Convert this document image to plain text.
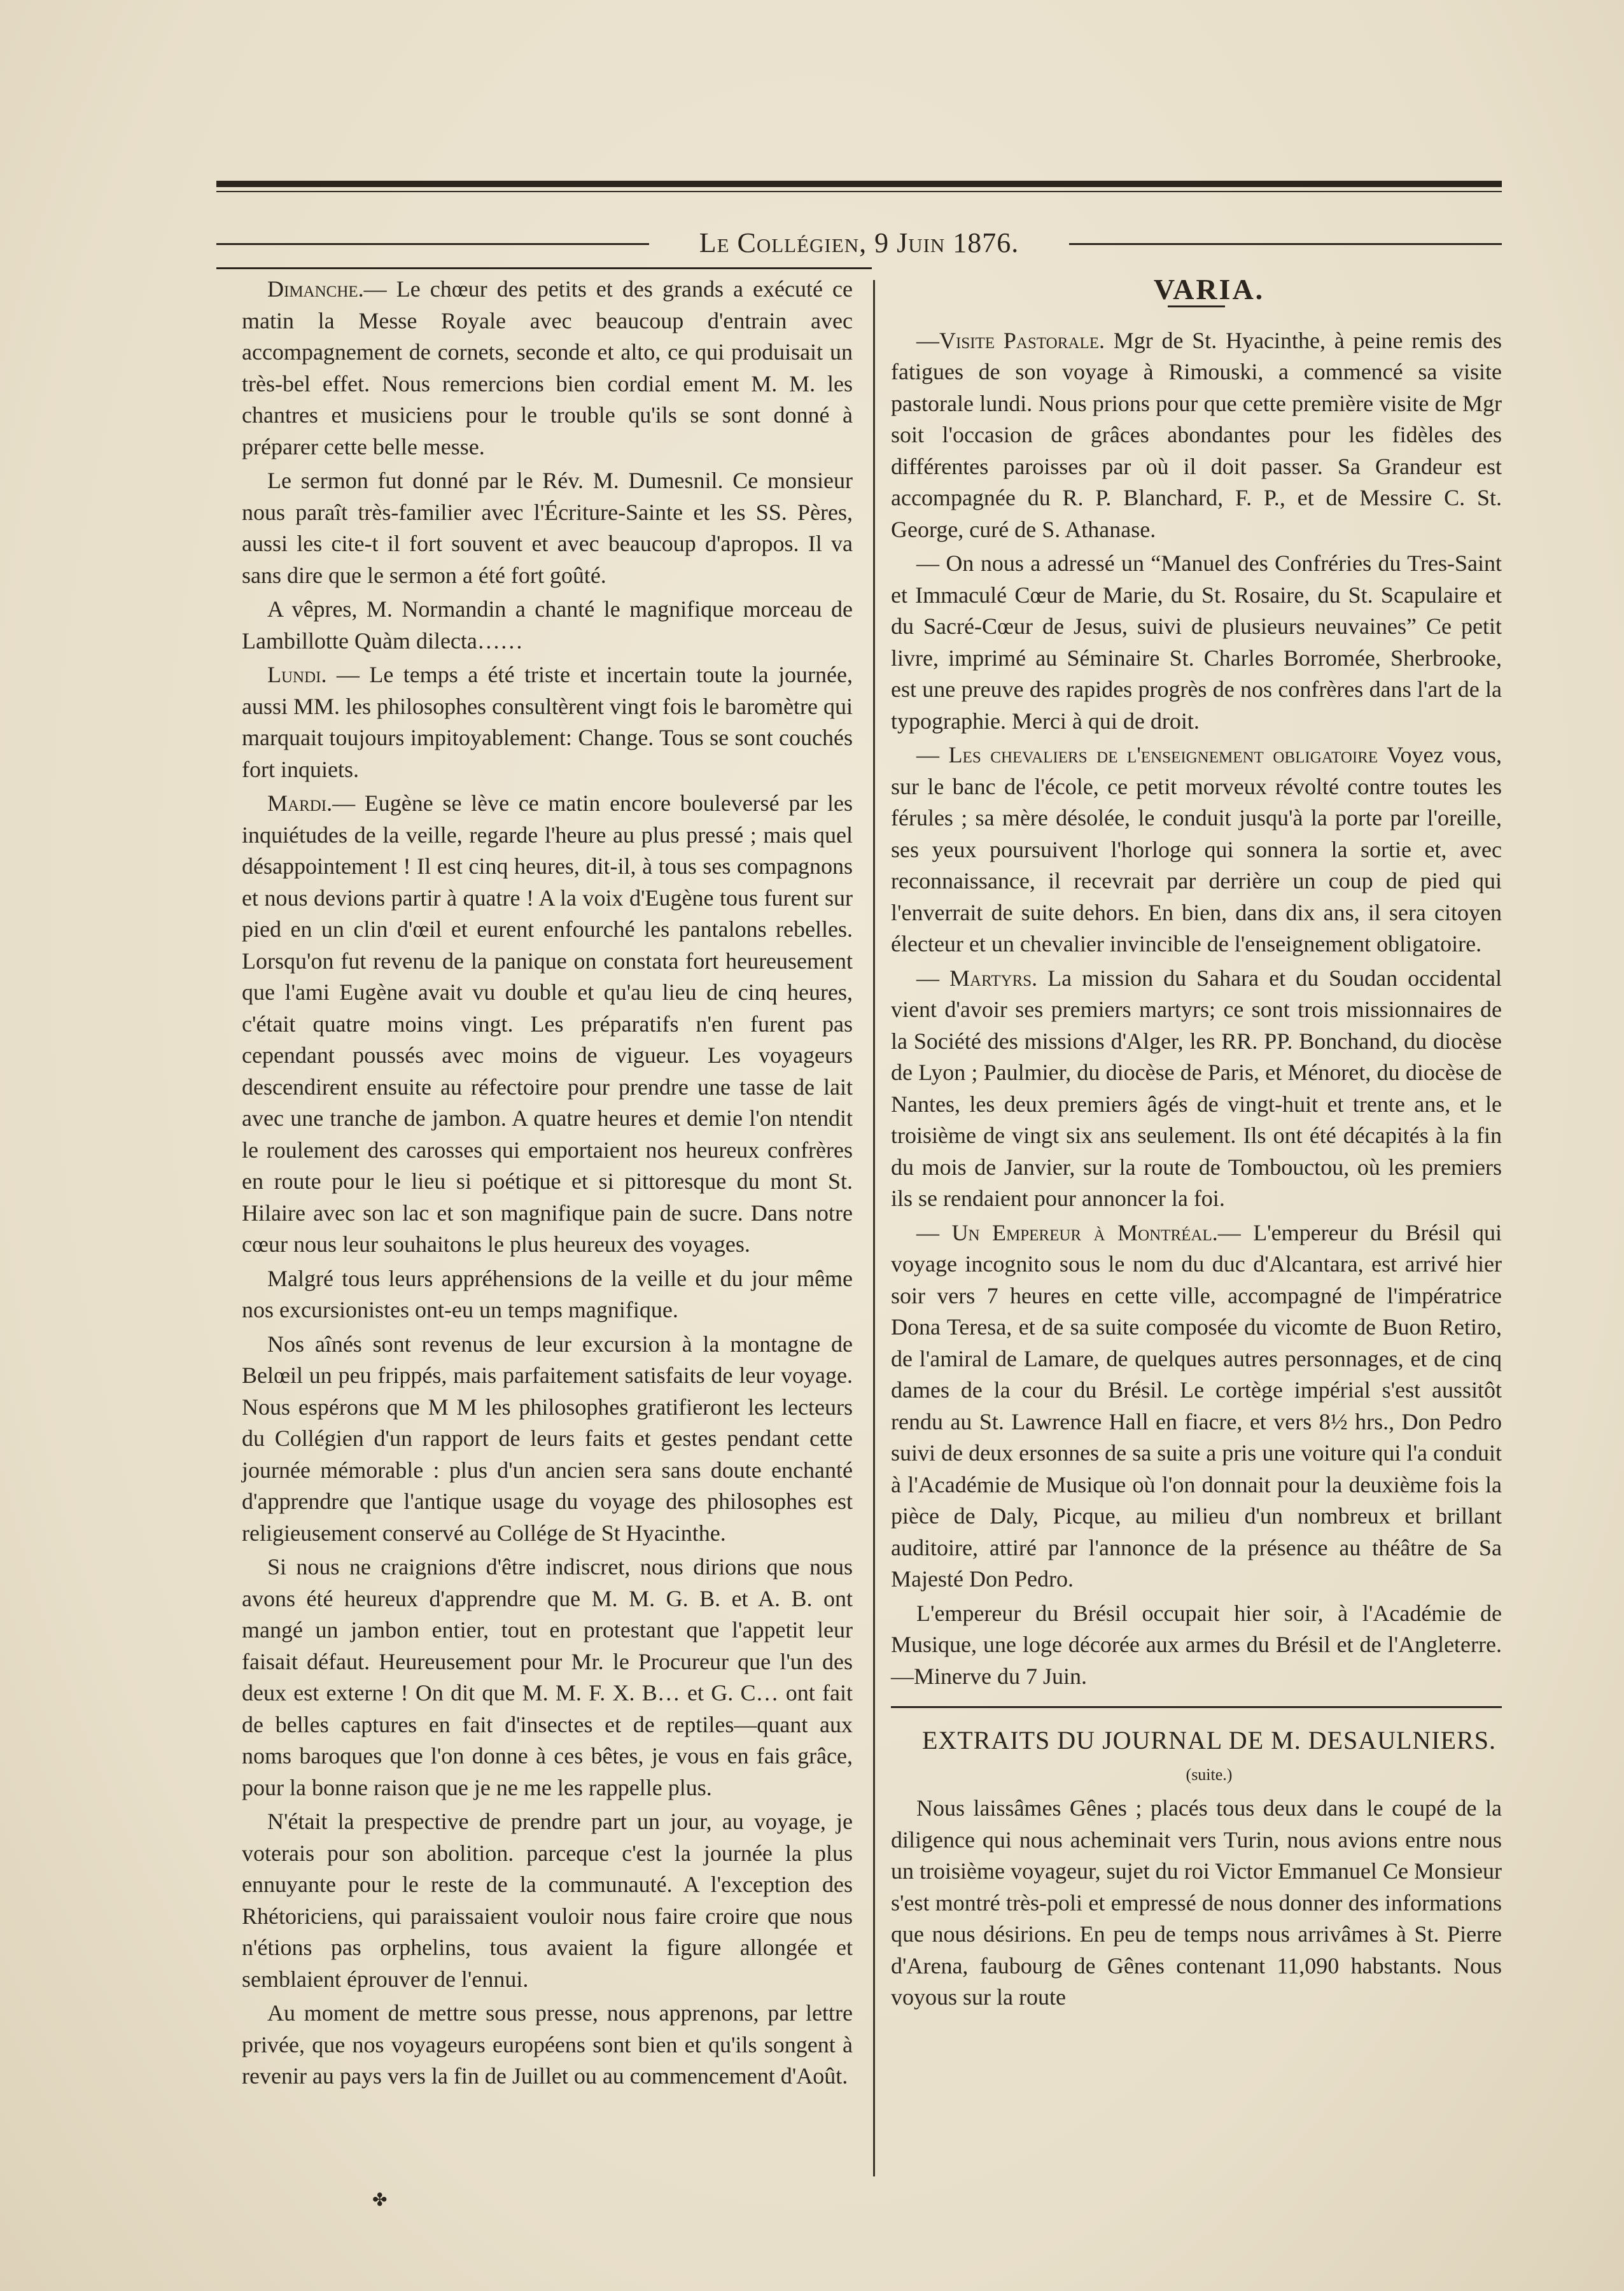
Le Collégien, 9 Juin 1876.

Dimanche.— Le chœur des petits et des grands a exécuté ce matin la Messe Royale avec beaucoup d'entrain avec accompagnement de cornets, seconde et alto, ce qui produisait un très-bel effet. Nous remercions bien cordial ement M. M. les chantres et musiciens pour le trouble qu'ils se sont donné à préparer cette belle messe.

Le sermon fut donné par le Rév. M. Dumesnil. Ce monsieur nous paraît très-familier avec l'Écriture-Sainte et les SS. Pères, aussi les cite-t il fort souvent et avec beaucoup d'apropos. Il va sans dire que le sermon a été fort goûté.

A vêpres, M. Normandin a chanté le magnifique morceau de Lambillotte Quàm dilecta……

Lundi. — Le temps a été triste et incertain toute la journée, aussi MM. les philosophes consultèrent vingt fois le baromètre qui marquait toujours impitoyablement: Change. Tous se sont couchés fort inquiets.

Mardi.— Eugène se lève ce matin encore bouleversé par les inquiétudes de la veille, regarde l'heure au plus pressé ; mais quel désappointement ! Il est cinq heures, dit-il, à tous ses compagnons et nous devions partir à quatre ! A la voix d'Eugène tous furent sur pied en un clin d'œil et eurent enfourché les pantalons rebelles. Lorsqu'on fut revenu de la panique on constata fort heureusement que l'ami Eugène avait vu double et qu'au lieu de cinq heures, c'était quatre moins vingt. Les préparatifs n'en furent pas cependant poussés avec moins de vigueur. Les voyageurs descendirent ensuite au réfectoire pour prendre une tasse de lait avec une tranche de jambon. A quatre heures et demie l'on ntendit le roulement des carosses qui emportaient nos heureux confrères en route pour le lieu si poétique et si pittoresque du mont St. Hilaire avec son lac et son magnifique pain de sucre. Dans notre cœur nous leur souhaitons le plus heureux des voyages.

Malgré tous leurs appréhensions de la veille et du jour même nos excursionistes ont-eu un temps magnifique.

Nos aînés sont revenus de leur excursion à la montagne de Belœil un peu frippés, mais parfaitement satisfaits de leur voyage. Nous espérons que M M les philosophes gratifieront les lecteurs du Collégien d'un rapport de leurs faits et gestes pendant cette journée mémorable : plus d'un ancien sera sans doute enchanté d'apprendre que l'antique usage du voyage des philosophes est religieusement conservé au Collége de St Hyacinthe.

Si nous ne craignions d'être indiscret, nous dirions que nous avons été heureux d'apprendre que M. M. G. B. et A. B. ont mangé un jambon entier, tout en protestant que l'appetit leur faisait défaut. Heureusement pour Mr. le Procureur que l'un des deux est externe ! On dit que M. M. F. X. B… et G. C… ont fait de belles captures en fait d'insectes et de reptiles—quant aux noms baroques que l'on donne à ces bêtes, je vous en fais grâce, pour la bonne raison que je ne me les rappelle plus.

N'était la prespective de prendre part un jour, au voyage, je voterais pour son abolition. parceque c'est la journée la plus ennuyante pour le reste de la communauté. A l'exception des Rhétoriciens, qui paraissaient vouloir nous faire croire que nous n'étions pas orphelins, tous avaient la figure allongée et semblaient éprouver de l'ennui.

Au moment de mettre sous presse, nous apprenons, par lettre privée, que nos voyageurs européens sont bien et qu'ils songent à revenir au pays vers la fin de Juillet ou au commencement d'Août.

VARIA.

—Visite Pastorale. Mgr de St. Hyacinthe, à peine remis des fatigues de son voyage à Rimouski, a commencé sa visite pastorale lundi. Nous prions pour que cette première visite de Mgr soit l'occasion de grâces abondantes pour les fidèles des différentes paroisses par où il doit passer. Sa Grandeur est accompagnée du R. P. Blanchard, F. P., et de Messire C. St. George, curé de S. Athanase.

— On nous a adressé un “Manuel des Confréries du Tres-Saint et Immaculé Cœur de Marie, du St. Rosaire, du St. Scapulaire et du Sacré-Cœur de Jesus, suivi de plusieurs neuvaines” Ce petit livre, imprimé au Séminaire St. Charles Borromée, Sherbrooke, est une preuve des rapides progrès de nos confrères dans l'art de la typographie. Merci à qui de droit.

— Les chevaliers de l'enseignement obligatoire Voyez vous, sur le banc de l'école, ce petit morveux révolté contre toutes les férules ; sa mère désolée, le conduit jusqu'à la porte par l'oreille, ses yeux poursuivent l'horloge qui sonnera la sortie et, avec reconnaissance, il recevrait par derrière un coup de pied qui l'enverrait de suite dehors. En bien, dans dix ans, il sera citoyen électeur et un chevalier invincible de l'enseignement obligatoire.

— Martyrs. La mission du Sahara et du Soudan occidental vient d'avoir ses premiers martyrs; ce sont trois missionnaires de la Société des missions d'Alger, les RR. PP. Bonchand, du diocèse de Lyon ; Paulmier, du diocèse de Paris, et Ménoret, du diocèse de Nantes, les deux premiers âgés de vingt-huit et trente ans, et le troisième de vingt six ans seulement. Ils ont été décapités à la fin du mois de Janvier, sur la route de Tombouctou, où les premiers ils se rendaient pour annoncer la foi.

— Un Empereur à Montréal.— L'empereur du Brésil qui voyage incognito sous le nom du duc d'Alcantara, est arrivé hier soir vers 7 heures en cette ville, accompagné de l'impératrice Dona Teresa, et de sa suite composée du vicomte de Buon Retiro, de l'amiral de Lamare, de quelques autres personnages, et de cinq dames de la cour du Brésil. Le cortège impérial s'est aussitôt rendu au St. Lawrence Hall en fiacre, et vers 8½ hrs., Don Pedro suivi de deux ersonnes de sa suite a pris une voiture qui l'a conduit à l'Académie de Musique où l'on donnait pour la deuxième fois la pièce de Daly, Picque, au milieu d'un nombreux et brillant auditoire, attiré par l'annonce de la présence au théâtre de Sa Majesté Don Pedro.

L'empereur du Brésil occupait hier soir, à l'Académie de Musique, une loge décorée aux armes du Brésil et de l'Angleterre.—Minerve du 7 Juin.

EXTRAITS DU JOURNAL DE M. DESAULNIERS.

(suite.)

Nous laissâmes Gênes ; placés tous deux dans le coupé de la diligence qui nous acheminait vers Turin, nous avions entre nous un troisième voyageur, sujet du roi Victor Emmanuel Ce Monsieur s'est montré très-poli et empressé de nous donner des informations que nous désirions. En peu de temps nous arrivâmes à St. Pierre d'Arena, faubourg de Gênes contenant 11,090 habstants. Nous voyous sur la route

✤
